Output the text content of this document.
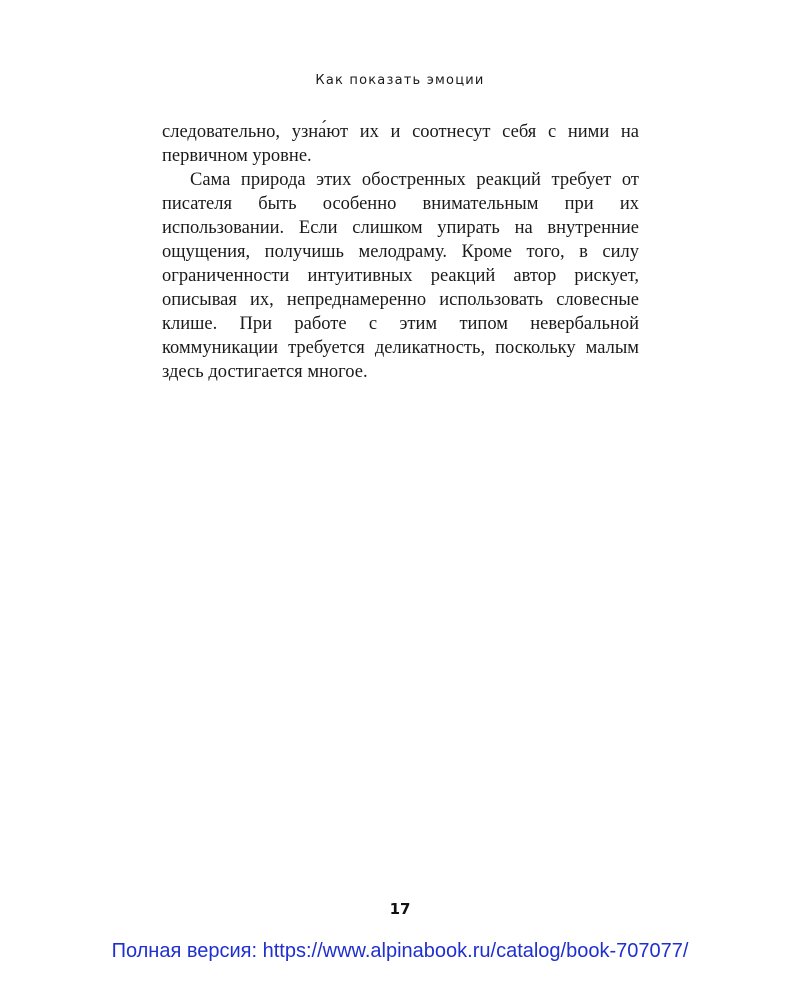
Как показать эмоции

следовательно, узна́ют их и соотнесут себя с ними на первичном уровне.

Сама природа этих обостренных реакций требует от писателя быть особенно внимательным при их использовании. Если слишком упирать на внутренние ощущения, получишь мелодраму. Кроме того, в силу ограниченности интуитивных реакций автор рискует, описывая их, непреднамеренно использовать словесные клише. При работе с этим типом невербальной коммуникации требуется деликатность, поскольку малым здесь достигается многое.

17
Полная версия: https://www.alpinabook.ru/catalog/book-707077/
